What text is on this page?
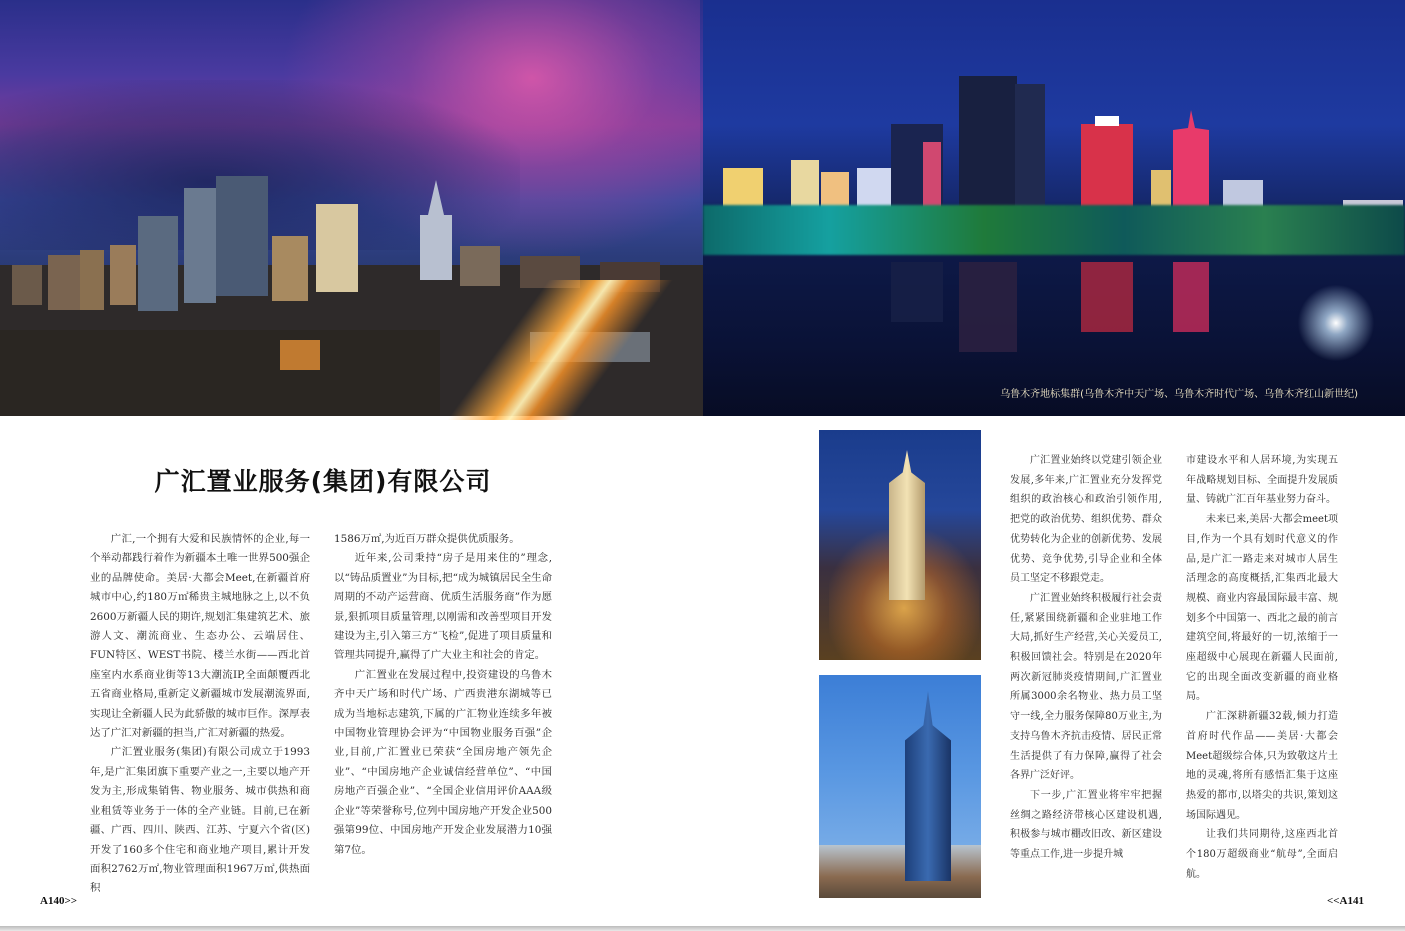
乌鲁木齐地标集群(乌鲁木齐中天广场、乌鲁木齐时代广场、乌鲁木齐红山新世纪)
广汇置业服务(集团)有限公司

广汇,一个拥有大爱和民族情怀的企业,每一个举动都践行着作为新疆本土唯一世界500强企业的品牌使命。美居·大都会Meet,在新疆首府城市中心,约180万㎡稀贵主城地脉之上,以不负2600万新疆人民的期许,规划汇集建筑艺术、旅游人文、潮流商业、生态办公、云端居住、FUN特区、WEST书院、楼兰水街——西北首座室内水系商业街等13大潮流IP,全面颠覆西北五省商业格局,重新定义新疆城市发展潮流界面,实现让全新疆人民为此骄傲的城市巨作。深厚表达了广汇对新疆的担当,广汇对新疆的热爱。

广汇置业服务(集团)有限公司成立于1993年,是广汇集团旗下重要产业之一,主要以地产开发为主,形成集销售、物业服务、城市供热和商业租赁等业务于一体的全产业链。目前,已在新疆、广西、四川、陕西、江苏、宁夏六个省(区)开发了160多个住宅和商业地产项目,累计开发面积2762万㎡,物业管理面积1967万㎡,供热面积

1586万㎡,为近百万群众提供优质服务。

近年来,公司秉持“房子是用来住的”理念,以“铸品质置业”为目标,把“成为城镇居民全生命周期的不动产运营商、优质生活服务商”作为愿景,狠抓项目质量管理,以刚需和改善型项目开发建设为主,引入第三方“飞检”,促进了项目质量和管理共同提升,赢得了广大业主和社会的肯定。

广汇置业在发展过程中,投资建设的乌鲁木齐中天广场和时代广场、广西贵港东湖城等已成为当地标志建筑,下属的广汇物业连续多年被中国物业管理协会评为“中国物业服务百强”企业,目前,广汇置业已荣获“全国房地产领先企业”、“中国房地产企业诚信经营单位”、“中国房地产百强企业”、“全国企业信用评价AAA级企业”等荣誉称号,位列中国房地产开发企业500强第99位、中国房地产开发企业发展潜力10强第7位。

广汇置业始终以党建引领企业发展,多年来,广汇置业充分发挥党组织的政治核心和政治引领作用,把党的政治优势、组织优势、群众优势转化为企业的创新优势、发展优势、竞争优势,引导企业和全体员工坚定不移跟党走。

广汇置业始终积极履行社会责任,紧紧围绕新疆和企业驻地工作大局,抓好生产经营,关心关爱员工,积极回馈社会。特别是在2020年两次新冠肺炎疫情期间,广汇置业所属3000余名物业、热力员工坚守一线,全力服务保障80万业主,为支持乌鲁木齐抗击疫情、居民正常生活提供了有力保障,赢得了社会各界广泛好评。

下一步,广汇置业将牢牢把握丝绸之路经济带核心区建设机遇,积极参与城市棚改旧改、新区建设等重点工作,进一步提升城

市建设水平和人居环境,为实现五年战略规划目标、全面提升发展质量、铸就广汇百年基业努力奋斗。

未来已来,美居·大都会meet项目,作为一个具有划时代意义的作品,是广汇一路走来对城市人居生活理念的高度概括,汇集西北最大规模、商业内容最国际最丰富、规划多个中国第一、西北之最的前言建筑空间,将最好的一切,浓缩于一座超级中心展现在新疆人民面前,它的出现全面改变新疆的商业格局。

广汇深耕新疆32载,倾力打造首府时代作品——美居·大都会Meet超级综合体,只为致敬这片土地的灵魂,将所有感悟汇集于这座热爱的都市,以塔尖的共识,策划这场国际遇见。

让我们共同期待,这座西北首个180万超级商业“航母”,全面启航。

A140>>	<<A141
